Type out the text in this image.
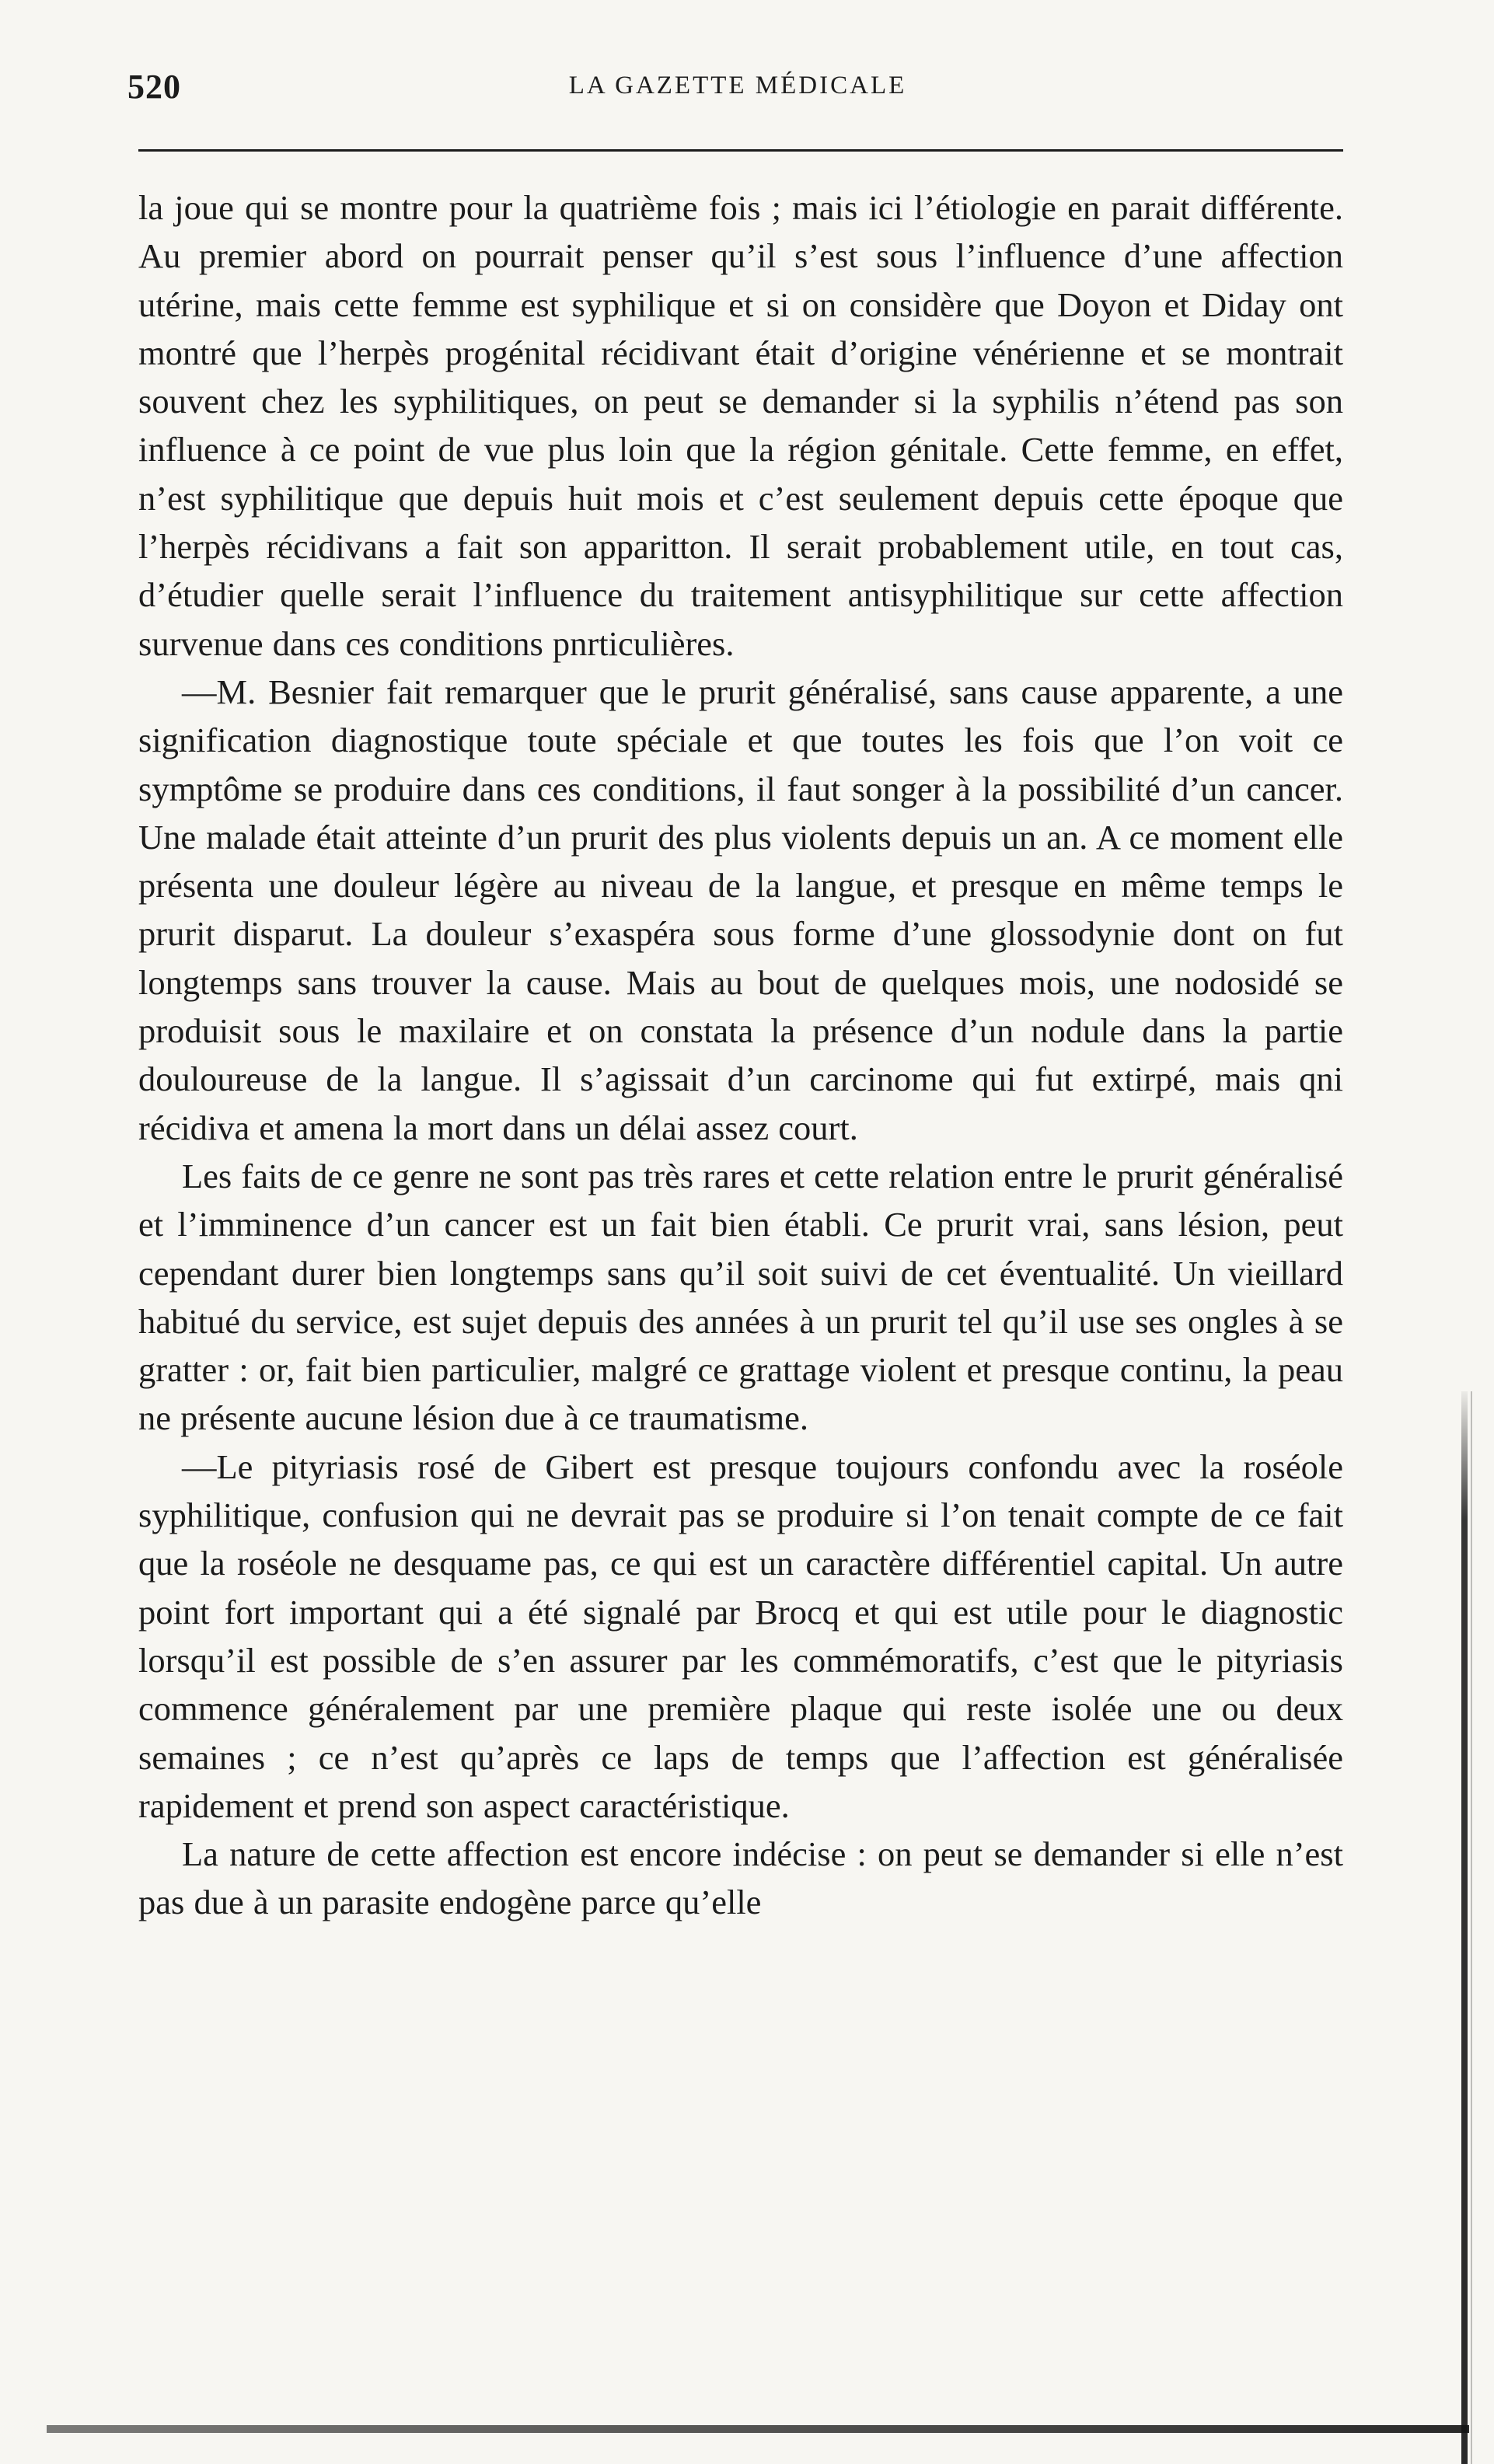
520	LA GAZETTE MÉDICALE

la joue qui se montre pour la quatrième fois ; mais ici l’étiologie en parait différente. Au premier abord on pourrait penser qu’il s’est sous l’influence d’une affection utérine, mais cette femme est syphilique et si on considère que Doyon et Diday ont montré que l’herpès progénital récidivant était d’origine vénérienne et se montrait souvent chez les syphilitiques, on peut se demander si la syphilis n’étend pas son influence à ce point de vue plus loin que la région génitale. Cette femme, en effet, n’est syphilitique que depuis huit mois et c’est seulement depuis cette époque que l’herpès récidivans a fait son apparitton. Il serait probablement utile, en tout cas, d’étudier quelle serait l’influence du traitement antisyphilitique sur cette affection survenue dans ces conditions pnrticulières.

—M. Besnier fait remarquer que le prurit généralisé, sans cause apparente, a une signification diagnostique toute spéciale et que toutes les fois que l’on voit ce symptôme se produire dans ces conditions, il faut songer à la possibilité d’un cancer. Une malade était atteinte d’un prurit des plus violents depuis un an. A ce moment elle présenta une douleur légère au niveau de la langue, et presque en même temps le prurit disparut. La douleur s’exaspéra sous forme d’une glossodynie dont on fut longtemps sans trouver la cause. Mais au bout de quelques mois, une nodosidé se produisit sous le maxilaire et on constata la présence d’un nodule dans la partie douloureuse de la langue. Il s’agissait d’un carcinome qui fut extirpé, mais qni récidiva et amena la mort dans un délai assez court.

Les faits de ce genre ne sont pas très rares et cette relation entre le prurit généralisé et l’imminence d’un cancer est un fait bien établi. Ce prurit vrai, sans lésion, peut cependant durer bien longtemps sans qu’il soit suivi de cet éventualité. Un vieillard habitué du service, est sujet depuis des années à un prurit tel qu’il use ses ongles à se gratter : or, fait bien particulier, malgré ce grattage violent et presque continu, la peau ne présente aucune lésion due à ce traumatisme.

—Le pityriasis rosé de Gibert est presque toujours confondu avec la roséole syphilitique, confusion qui ne devrait pas se produire si l’on tenait compte de ce fait que la roséole ne desquame pas, ce qui est un caractère différentiel capital. Un autre point fort important qui a été signalé par Brocq et qui est utile pour le diagnostic lorsqu’il est possible de s’en assurer par les commémoratifs, c’est que le pityriasis commence généralement par une première plaque qui reste isolée une ou deux semaines ; ce n’est qu’après ce laps de temps que l’affection est généralisée rapidement et prend son aspect caractéristique.

La nature de cette affection est encore indécise : on peut se demander si elle n’est pas due à un parasite endogène parce qu’elle
